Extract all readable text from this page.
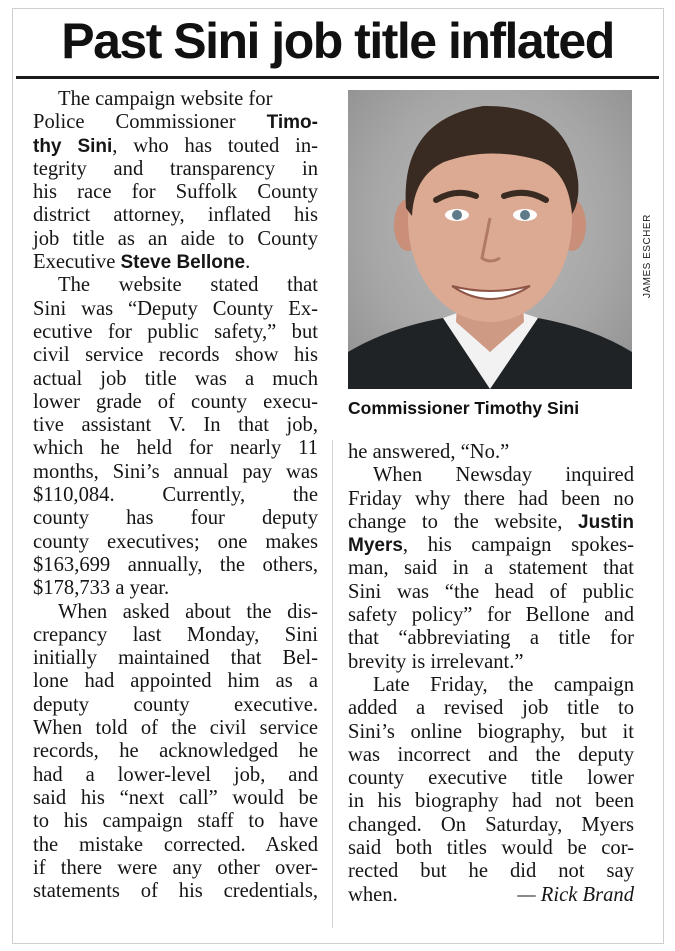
Past Sini job title inflated
The campaign website for
Police Commissioner Timo-
thy Sini, who has touted in-
tegrity and transparency in
his race for Suffolk County
district attorney, inflated his
job title as an aide to County
Executive Steve Bellone.
The website stated that
Sini was “Deputy County Ex-
ecutive for public safety,” but
civil service records show his
actual job title was a much
lower grade of county execu-
tive assistant V. In that job,
which he held for nearly 11
months, Sini’s annual pay was
$110,084. Currently, the
county has four deputy
county executives; one makes
$163,699 annually, the others,
$178,733 a year.
When asked about the dis-
crepancy last Monday, Sini
initially maintained that Bel-
lone had appointed him as a
deputy county executive.
When told of the civil service
records, he acknowledged he
had a lower-level job, and
said his “next call” would be
to his campaign staff to have
the mistake corrected. Asked
if there were any other over-
statements of his credentials,
JAMES ESCHER
Commissioner Timothy Sini
he answered, “No.”
When Newsday inquired
Friday why there had been no
change to the website, Justin
Myers, his campaign spokes-
man, said in a statement that
Sini was “the head of public
safety policy” for Bellone and
that “abbreviating a title for
brevity is irrelevant.”
Late Friday, the campaign
added a revised job title to
Sini’s online biography, but it
was incorrect and the deputy
county executive title lower
in his biography had not been
changed. On Saturday, Myers
said both titles would be cor-
rected but he did not say
when.	— Rick Brand
